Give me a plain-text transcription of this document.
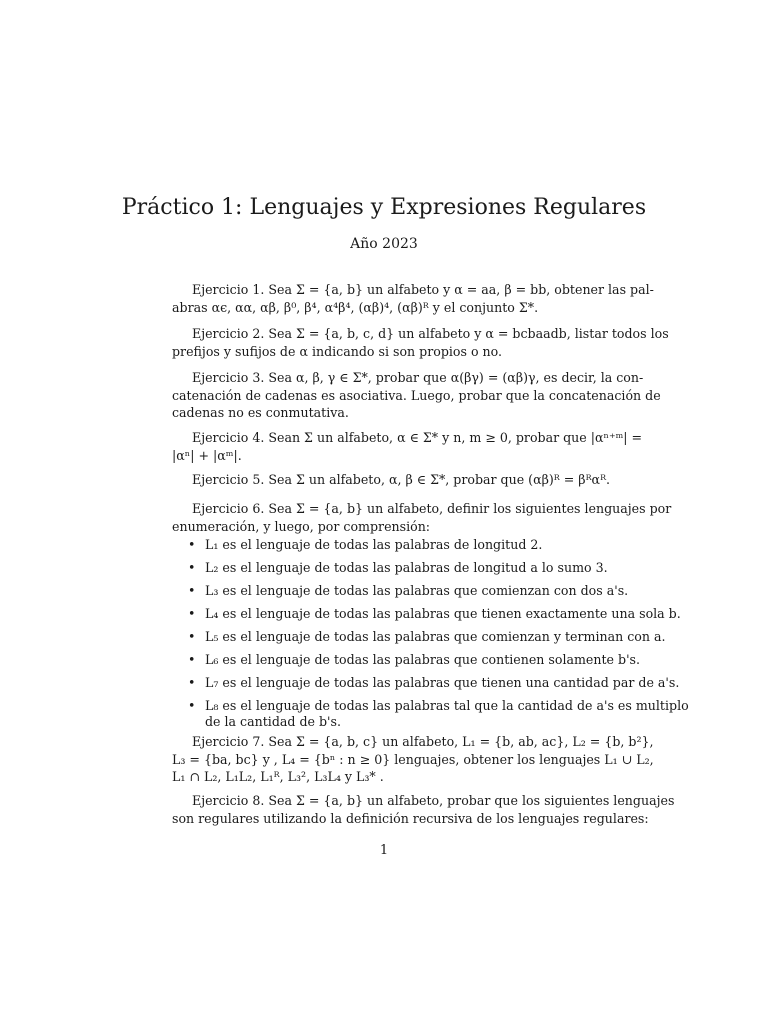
Práctico 1: Lenguajes y Expresiones Regulares
Año 2023
Ejercicio 1. Sea Σ = {a, b} un alfabeto y α = aa, β = bb, obtener las pal-
abras αϵ, αα, αβ, β⁰, β⁴, α⁴β⁴, (αβ)⁴, (αβ)ᴿ y el conjunto Σ*.
Ejercicio 2. Sea Σ = {a, b, c, d} un alfabeto y α = bcbaadb, listar todos los
prefijos y sufijos de α indicando si son propios o no.
Ejercicio 3. Sea α, β, γ ∈ Σ*, probar que α(βγ) = (αβ)γ, es decir, la con-
catenación de cadenas es asociativa. Luego, probar que la concatenación de
cadenas no es conmutativa.
Ejercicio 4. Sean Σ un alfabeto, α ∈ Σ* y n, m ≥ 0, probar que |αⁿ⁺ᵐ| =
|αⁿ| + |αᵐ|.
Ejercicio 5. Sea Σ un alfabeto, α, β ∈ Σ*, probar que (αβ)ᴿ = βᴿαᴿ.
Ejercicio 6. Sea Σ = {a, b} un alfabeto, definir los siguientes lenguajes por
enumeración, y luego, por comprensión:
• L₁ es el lenguaje de todas las palabras de longitud 2.
• L₂ es el lenguaje de todas las palabras de longitud a lo sumo 3.
• L₃ es el lenguaje de todas las palabras que comienzan con dos a's.
• L₄ es el lenguaje de todas las palabras que tienen exactamente una sola b.
• L₅ es el lenguaje de todas las palabras que comienzan y terminan con a.
• L₆ es el lenguaje de todas las palabras que contienen solamente b's.
• L₇ es el lenguaje de todas las palabras que tienen una cantidad par de a's.
• L₈ es el lenguaje de todas las palabras tal que la cantidad de a's es multiplo
de la cantidad de b's.
Ejercicio 7. Sea Σ = {a, b, c} un alfabeto, L₁ = {b, ab, ac}, L₂ = {b, b²},
L₃ = {ba, bc} y , L₄ = {bⁿ : n ≥ 0} lenguajes, obtener los lenguajes L₁ ∪ L₂,
L₁ ∩ L₂, L₁L₂, L₁ᴿ, L₃², L₃L₄ y L₃* .
Ejercicio 8. Sea Σ = {a, b} un alfabeto, probar que los siguientes lenguajes
son regulares utilizando la definición recursiva de los lenguajes regulares:
1
